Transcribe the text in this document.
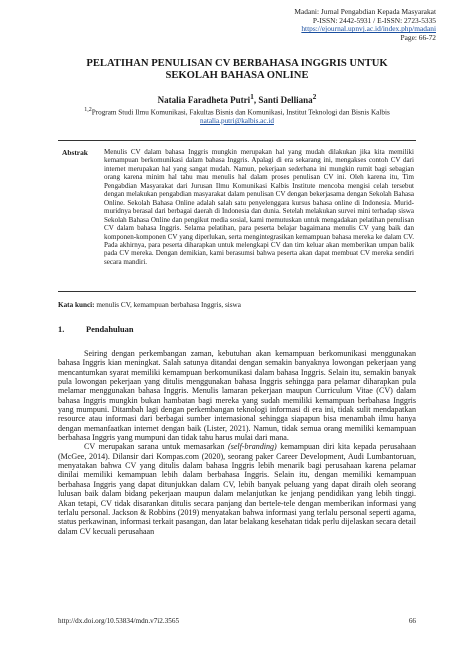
Madani: Jurnal Pengabdian Kepada Masyarakat
P-ISSN: 2442-5931 / E-ISSN: 2723-5335
https://ejournal.upnvj.ac.id/index.php/madani
Page: 66-72
PELATIHAN PENULISAN CV BERBAHASA INGGRIS UNTUK
SEKOLAH BAHASA ONLINE
Natalia Faradheta Putri$^1$, Santi Delliana$^2$
$^{1,2}$Program Studi Ilmu Komunikasi, Fakultas Bisnis dan Komunikasi, Institut Teknologi dan Bisnis Kalbis
natalia.putri@kalbis.ac.id
Abstrak Menulis CV dalam bahasa Inggris mungkin merupakan hal yang mudah dilakukan jika kita memiliki kemampuan berkomunikasi dalam bahasa Inggris. Apalagi di era sekarang ini, mengakses contoh CV dari internet merupakan hal yang sangat mudah. Namun, pekerjaan sederhana ini mungkin rumit bagi sebagian orang karena minim hal tahu mau menulis hal dalam proses penulisan CV ini. Oleh karena itu, Tim Pengabdian Masyarakat dari Jurusan Ilmu Komunikasi Kalbis Institute mencoba mengisi celah tersebut dengan melakukan pengabdian masyarakat dalam penulisan CV dengan bekerjasama dengan Sekolah Bahasa Online. Sekolah Bahasa Online adalah salah satu penyelenggara kursus bahasa online di Indonesia. Murid-muridnya berasal dari berbagai daerah di Indonesia dan dunia. Setelah melakukan survei mini terhadap siswa Sekolah Bahasa Online dan pengikut media sosial, kami memutuskan untuk mengadakan pelatihan penulisan CV dalam bahasa Inggris. Selama pelatihan, para peserta belajar bagaimana menulis CV yang baik dan komponen-komponen CV yang diperlukan, serta mengintegrasikan kemampuan bahasa mereka ke dalam CV. Pada akhirnya, para peserta diharapkan untuk melengkapi CV dan tim keluar akan memberikan umpan balik pada CV mereka. Dengan demikian, kami berasumsi bahwa peserta akan dapat membuat CV mereka sendiri secara mandiri.
Kata kunci: menulis CV, kemampuan berbahasa Inggris, siswa
1.	Pendahuluan

Seiring dengan perkembangan zaman, kebutuhan akan kemampuan berkomunikasi menggunakan bahasa Inggris kian meningkat. Salah satunya ditandai dengan semakin banyaknya lowongan pekerjaan yang mencantumkan syarat memiliki kemampuan berkomunikasi dalam bahasa Inggris. Selain itu, semakin banyak pula lowongan pekerjaan yang ditulis menggunakan bahasa Inggris sehingga para pelamar diharapkan pula melamar menggunakan bahasa Inggris. Menulis lamaran pekerjaan maupun Curriculum Vitae (CV) dalam bahasa Inggris mungkin bukan hambatan bagi mereka yang sudah memiliki kemampuan berbahasa Inggris yang mumpuni. Ditambah lagi dengan perkembangan teknologi informasi di era ini, tidak sulit mendapatkan resource atau informasi dari berbagai sumber internasional sehingga siapapun bisa menambah ilmu hanya dengan memanfaatkan internet dengan baik (Lister, 2021). Namun, tidak semua orang memiliki kemampuan berbahasa Inggris yang mumpuni dan tidak tahu harus mulai dari mana.

CV merupakan sarana untuk memasarkan (self-branding) kemampuan diri kita kepada perusahaan (McGee, 2014). Dilansir dari Kompas.com (2020), seorang paker Career Development, Audi Lumbantoruan, menyatakan bahwa CV yang ditulis dalam bahasa Inggris lebih menarik bagi perusahaan karena pelamar dinilai memiliki kemampuan lebih dalam berbahasa Inggris. Selain itu, dengan memiliki kemampuan berbahasa Inggris yang dapat ditunjukkan dalam CV, lebih banyak peluang yang dapat diraih oleh seorang lulusan baik dalam bidang pekerjaan maupun dalam melanjutkan ke jenjang pendidikan yang lebih tinggi. Akan tetapi, CV tidak disarankan ditulis secara panjang dan bertele-tele dengan memberikan informasi yang terlalu personal. Jackson & Robbins (2019) menyatakan bahwa informasi yang terlalu personal seperti agama, status perkawinan, informasi terkait pasangan, dan latar belakang kesehatan tidak perlu dijelaskan secara detail dalam CV kecuali perusahaan

http://dx.doi.org/10.53834/mdn.v7i2.3565	66
